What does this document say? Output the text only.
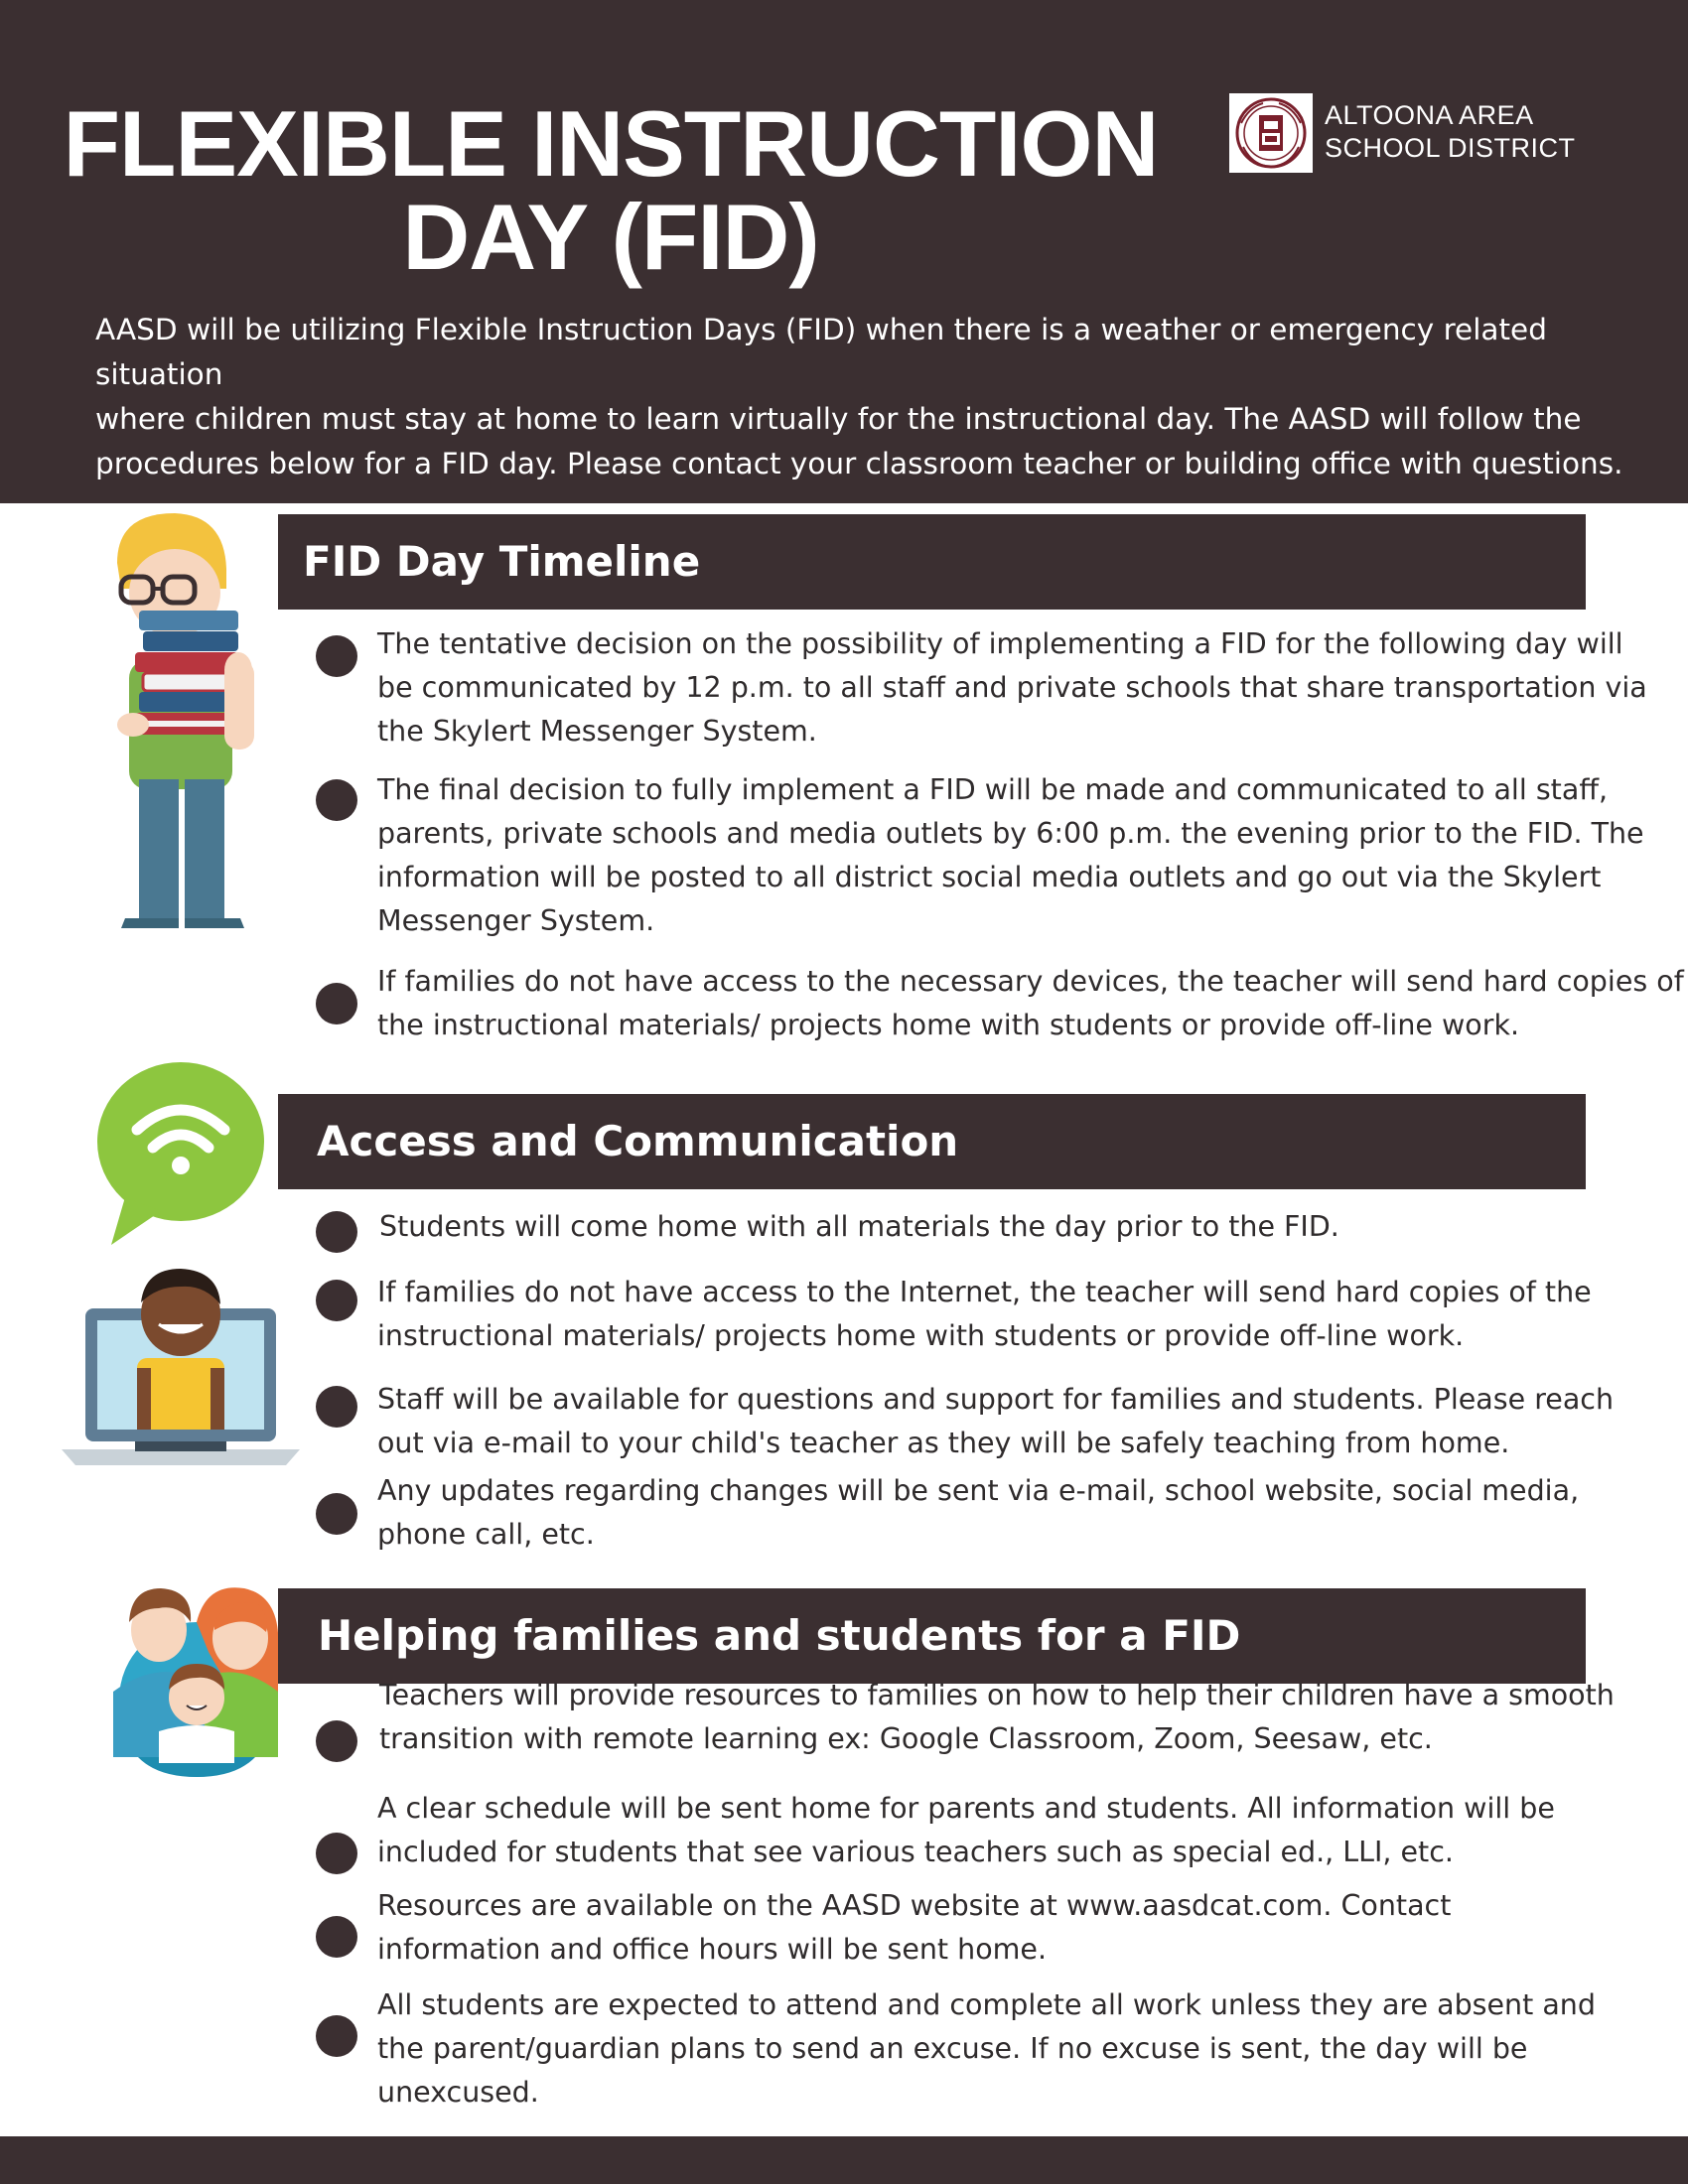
FLEXIBLE INSTRUCTION
DAY (FID)
ALTOONA AREA
SCHOOL DISTRICT

AASD will be utilizing Flexible Instruction Days (FID) when there is a weather or emergency related situation
where children must stay at home to learn virtually for the instructional day. The AASD will follow the
procedures below for a FID day. Please contact your classroom teacher or building office with questions.

FID Day Timeline
The tentative decision on the possibility of implementing a FID for the following day will
be communicated by 12 p.m. to all staff and private schools that share transportation via
the Skylert Messenger System.
The final decision to fully implement a FID will be made and communicated to all staff,
parents, private schools and media outlets by 6:00 p.m. the evening prior to the FID. The
information will be posted to all district social media outlets and go out via the Skylert
Messenger System.
If families do not have access to the necessary devices, the teacher will send hard copies of
the instructional materials/ projects home with students or provide off-line work.
Access and Communication
Students will come home with all materials the day prior to the FID.
If families do not have access to the Internet, the teacher will send hard copies of the
instructional materials/ projects home with students or provide off-line work.
Staff will be available for questions and support for families and students. Please reach
out via e-mail to your child's teacher as they will be safely teaching from home.
Any updates regarding changes will be sent via e-mail, school website, social media,
phone call, etc.
Helping families and students for a FID
Teachers will provide resources to families on how to help their children have a smooth
transition with remote learning ex: Google Classroom, Zoom, Seesaw, etc.
A clear schedule will be sent home for parents and students. All information will be
included for students that see various teachers such as special ed., LLI, etc.
Resources are available on the AASD website at www.aasdcat.com. Contact
information and office hours will be sent home.
All students are expected to attend and complete all work unless they are absent and
the parent/guardian plans to send an excuse. If no excuse is sent, the day will be
unexcused.
